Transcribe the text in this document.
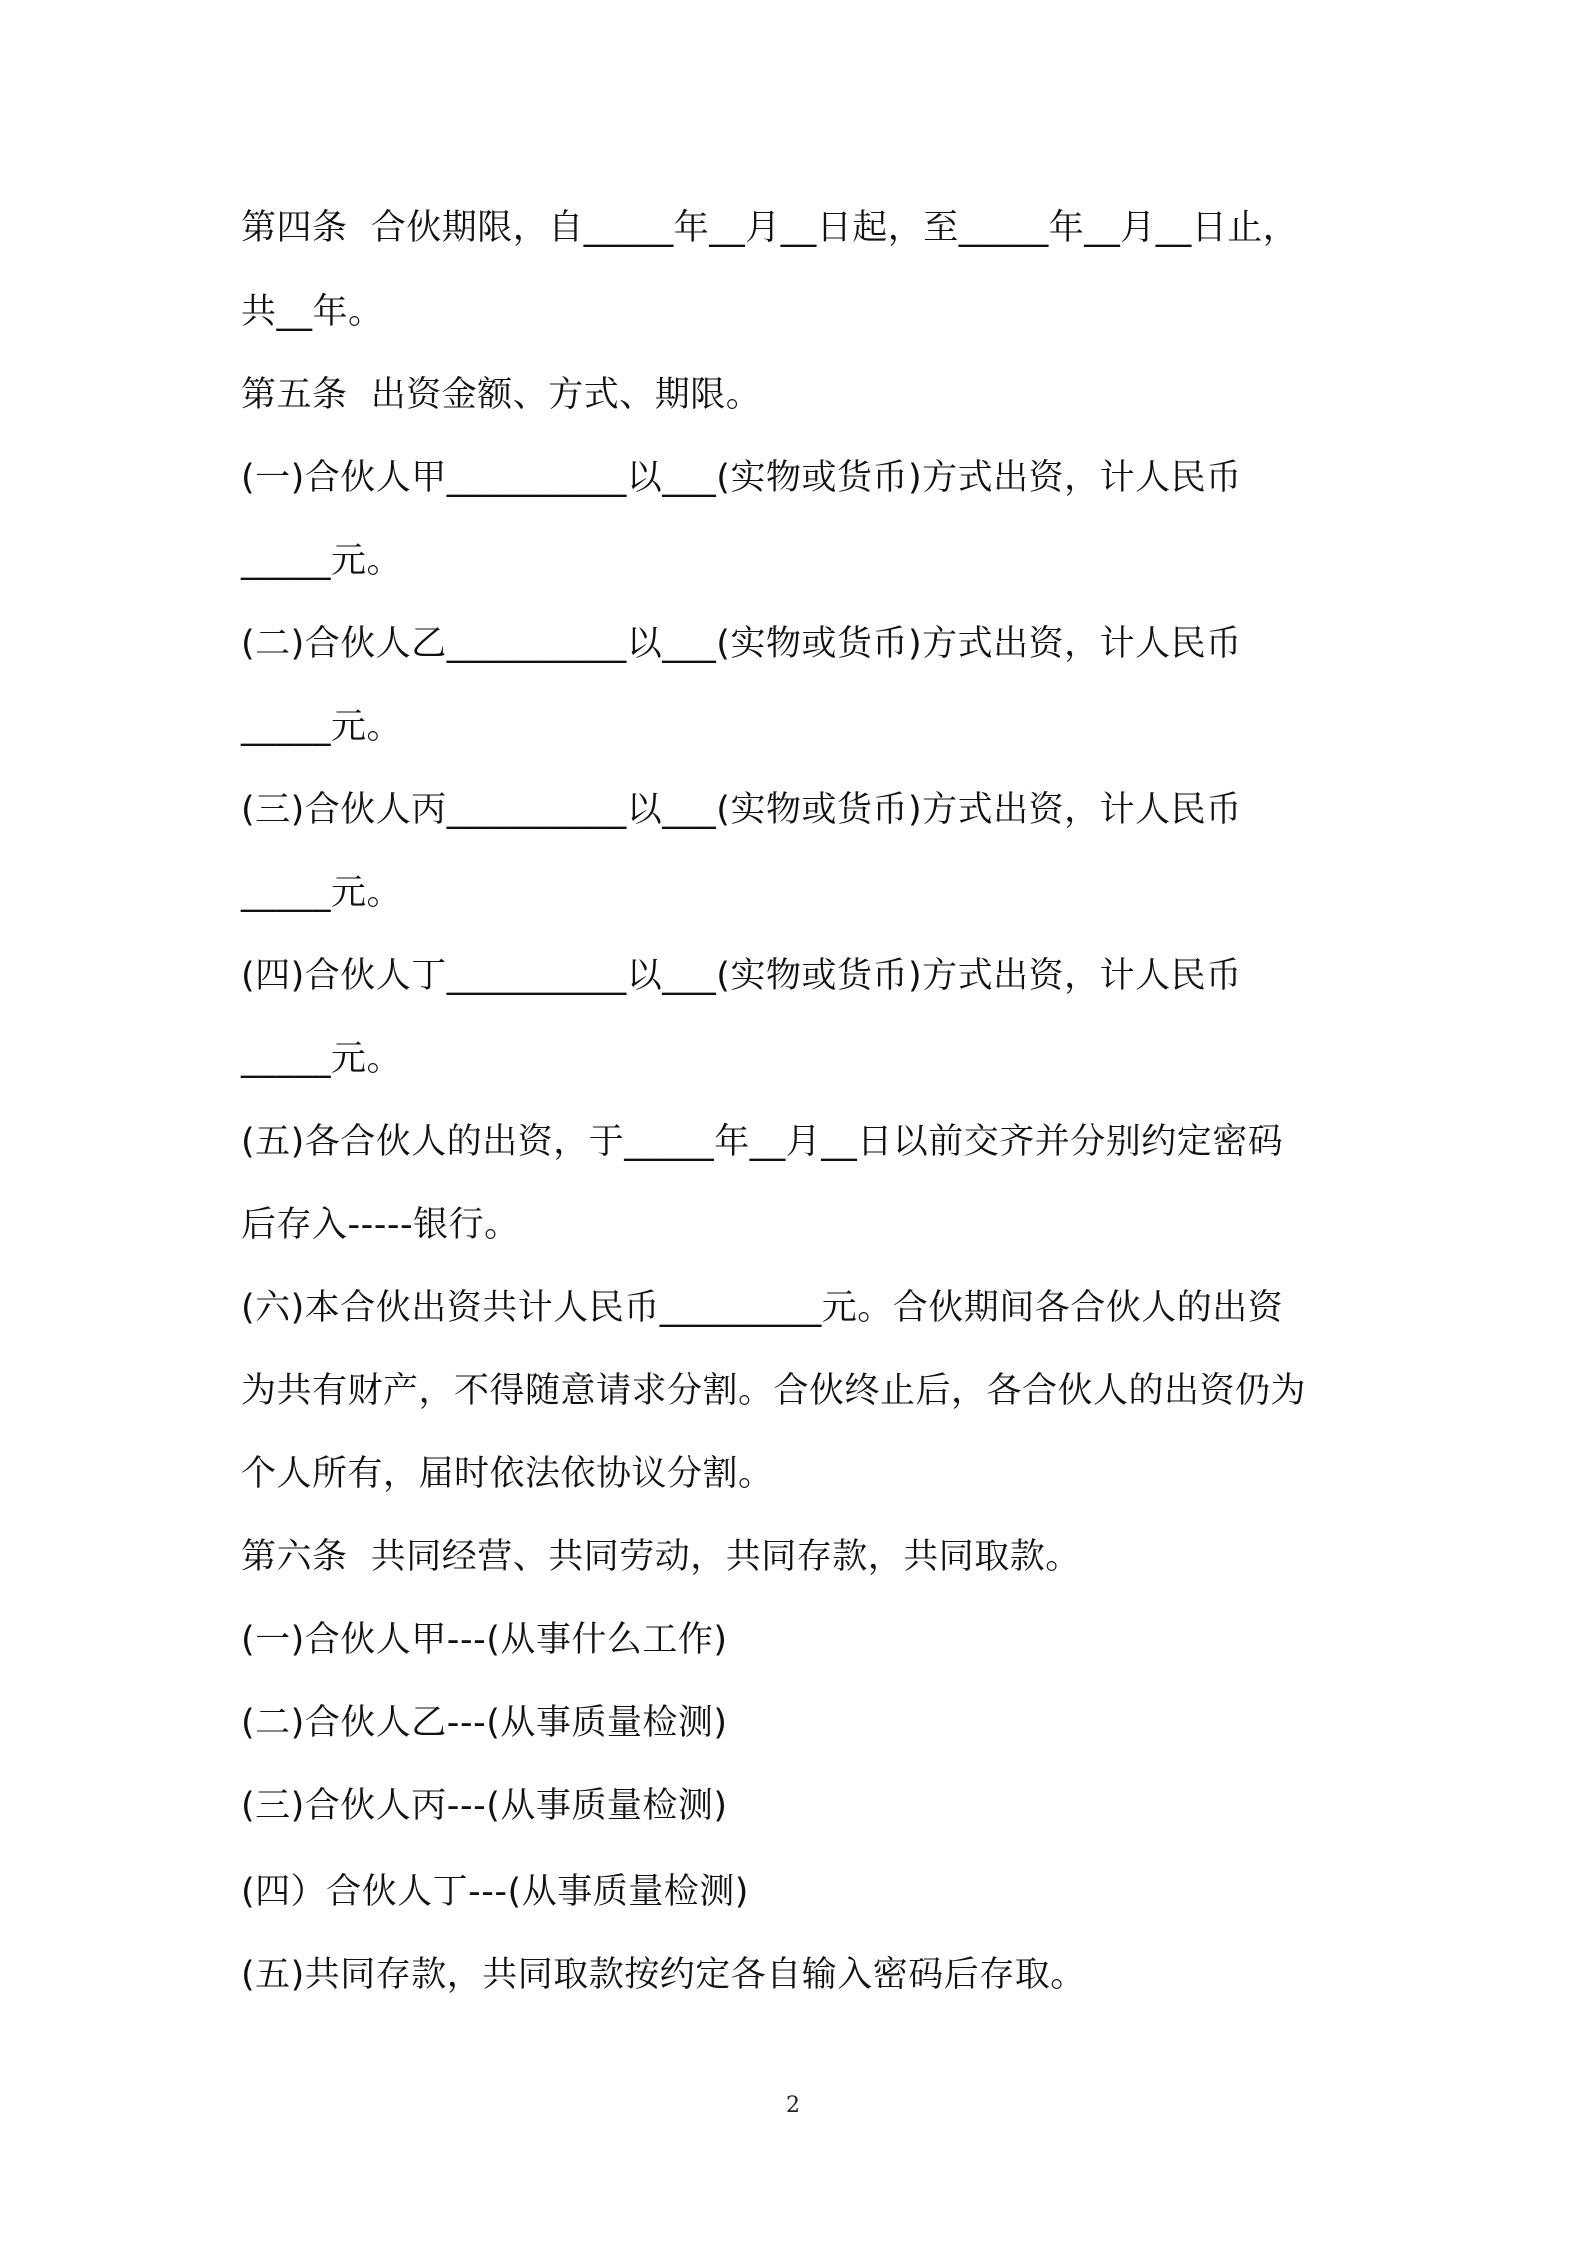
第四条  合伙期限，自_____年__月__日起，至_____年__月__日止，
共__年。
第五条  出资金额、方式、期限。
(一)合伙人甲__________以___(实物或货币)方式出资，计人民币
_____元。
(二)合伙人乙__________以___(实物或货币)方式出资，计人民币
_____元。
(三)合伙人丙__________以___(实物或货币)方式出资，计人民币
_____元。
(四)合伙人丁__________以___(实物或货币)方式出资，计人民币
_____元。
(五)各合伙人的出资，于_____年__月__日以前交齐并分别约定密码
后存入-----银行。
(六)本合伙出资共计人民币_________元。合伙期间各合伙人的出资
为共有财产，不得随意请求分割。合伙终止后，各合伙人的出资仍为
个人所有，届时依法依协议分割。
第六条  共同经营、共同劳动，共同存款，共同取款。
(一)合伙人甲---(从事什么工作)
(二)合伙人乙---(从事质量检测)
(三)合伙人丙---(从事质量检测)
(四）合伙人丁---(从事质量检测)
(五)共同存款，共同取款按约定各自输入密码后存取。
2
